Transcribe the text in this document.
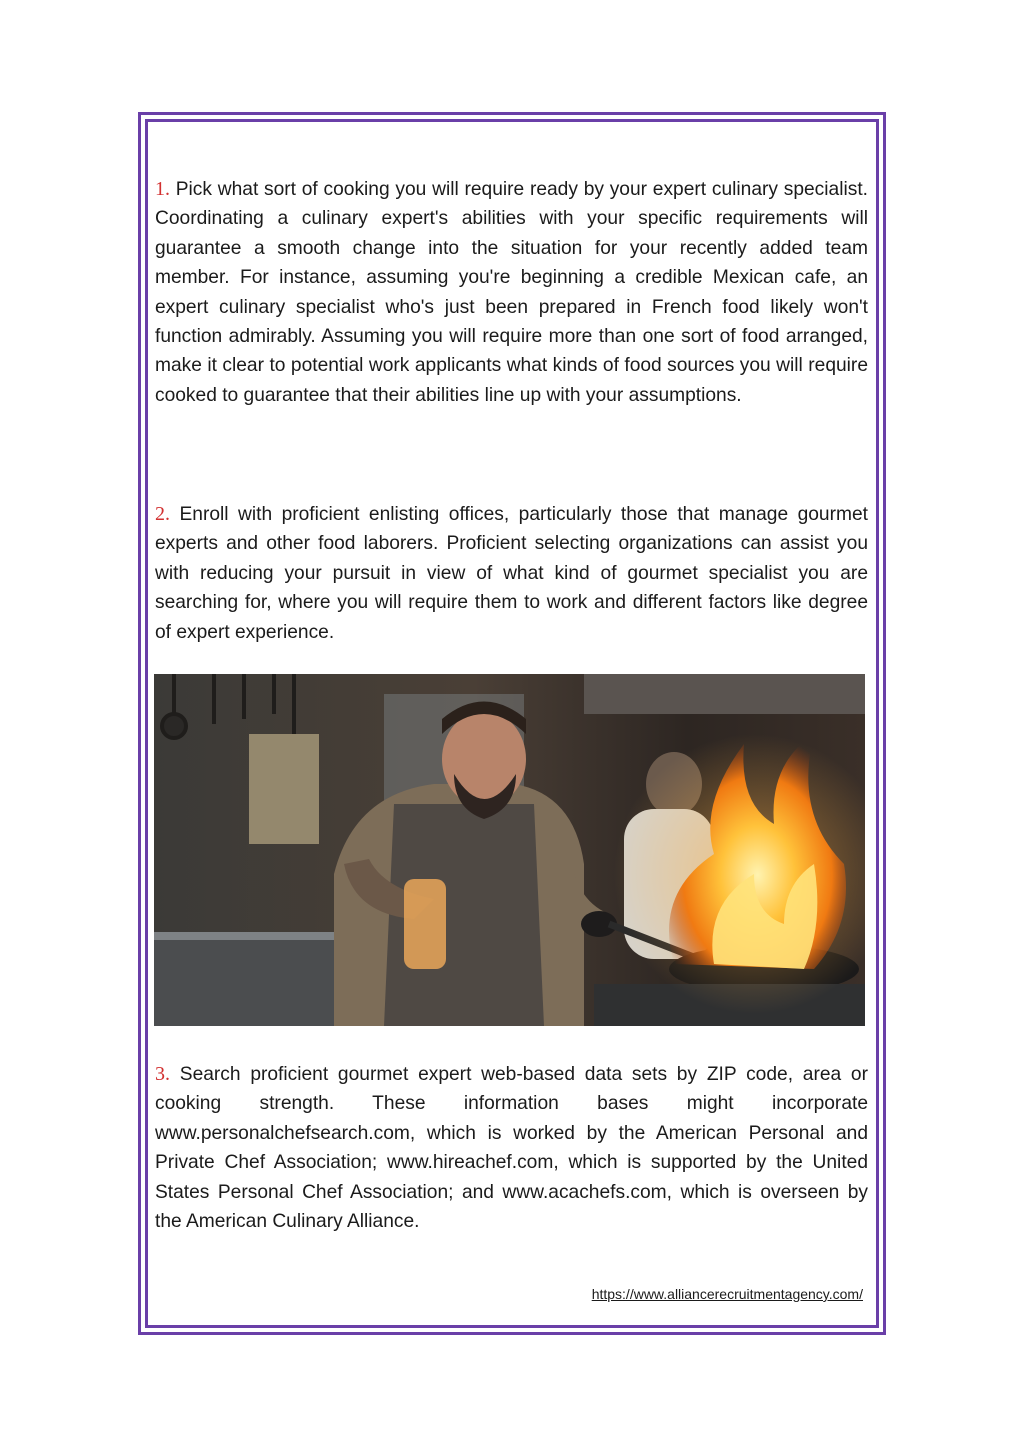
1. Pick what sort of cooking you will require ready by your expert culinary specialist. Coordinating a culinary expert's abilities with your specific requirements will guarantee a smooth change into the situation for your recently added team member. For instance, assuming you're beginning a credible Mexican cafe, an expert culinary specialist who's just been prepared in French food likely won't function admirably. Assuming you will require more than one sort of food arranged, make it clear to potential work applicants what kinds of food sources you will require cooked to guarantee that their abilities line up with your assumptions.

2. Enroll with proficient enlisting offices, particularly those that manage gourmet experts and other food laborers. Proficient selecting organizations can assist you with reducing your pursuit in view of what kind of gourmet specialist you are searching for, where you will require them to work and different factors like degree of expert experience.

3. Search proficient gourmet expert web-based data sets by ZIP code, area or cooking strength. These information bases might incorporate www.personalchefsearch.com, which is worked by the American Personal and Private Chef Association; www.hireachef.com, which is supported by the United States Personal Chef Association; and www.acachefs.com, which is overseen by the American Culinary Alliance.

https://www.alliancerecruitmentagency.com/
